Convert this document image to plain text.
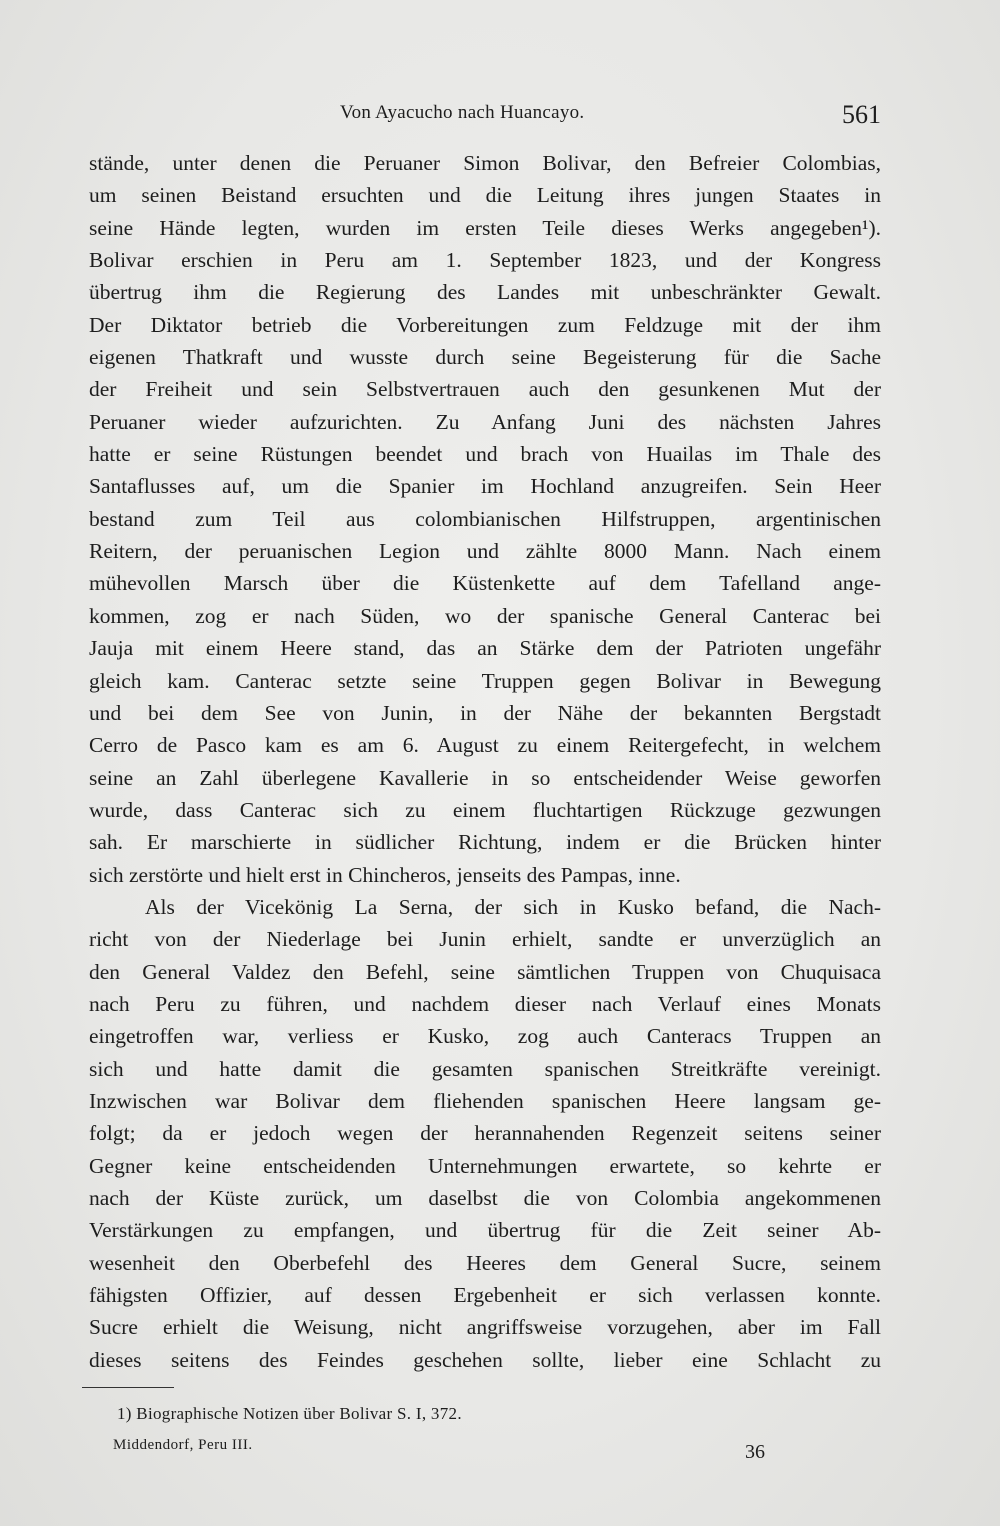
Von Ayacucho nach Huancayo.	561
stände, unter denen die Peruaner Simon Bolivar, den Befreier Colombias,
um seinen Beistand ersuchten und die Leitung ihres jungen Staates in
seine Hände legten, wurden im ersten Teile dieses Werks angegeben¹).
Bolivar erschien in Peru am 1. September 1823, und der Kongress
übertrug ihm die Regierung des Landes mit unbeschränkter Gewalt.
Der Diktator betrieb die Vorbereitungen zum Feldzuge mit der ihm
eigenen Thatkraft und wusste durch seine Begeisterung für die Sache
der Freiheit und sein Selbstvertrauen auch den gesunkenen Mut der
Peruaner wieder aufzurichten. Zu Anfang Juni des nächsten Jahres
hatte er seine Rüstungen beendet und brach von Huailas im Thale des
Santaflusses auf, um die Spanier im Hochland anzugreifen. Sein Heer
bestand zum Teil aus colombianischen Hilfstruppen, argentinischen
Reitern, der peruanischen Legion und zählte 8000 Mann. Nach einem
mühevollen Marsch über die Küstenkette auf dem Tafelland ange-
kommen, zog er nach Süden, wo der spanische General Canterac bei
Jauja mit einem Heere stand, das an Stärke dem der Patrioten ungefähr
gleich kam. Canterac setzte seine Truppen gegen Bolivar in Bewegung
und bei dem See von Junin, in der Nähe der bekannten Bergstadt
Cerro de Pasco kam es am 6. August zu einem Reitergefecht, in welchem
seine an Zahl überlegene Kavallerie in so entscheidender Weise geworfen
wurde, dass Canterac sich zu einem fluchtartigen Rückzuge gezwungen
sah. Er marschierte in südlicher Richtung, indem er die Brücken hinter
sich zerstörte und hielt erst in Chincheros, jenseits des Pampas, inne.
Als der Vicekönig La Serna, der sich in Kusko befand, die Nach-
richt von der Niederlage bei Junin erhielt, sandte er unverzüglich an
den General Valdez den Befehl, seine sämtlichen Truppen von Chuquisaca
nach Peru zu führen, und nachdem dieser nach Verlauf eines Monats
eingetroffen war, verliess er Kusko, zog auch Canteracs Truppen an
sich und hatte damit die gesamten spanischen Streitkräfte vereinigt.
Inzwischen war Bolivar dem fliehenden spanischen Heere langsam ge-
folgt; da er jedoch wegen der herannahenden Regenzeit seitens seiner
Gegner keine entscheidenden Unternehmungen erwartete, so kehrte er
nach der Küste zurück, um daselbst die von Colombia angekommenen
Verstärkungen zu empfangen, und übertrug für die Zeit seiner Ab-
wesenheit den Oberbefehl des Heeres dem General Sucre, seinem
fähigsten Offizier, auf dessen Ergebenheit er sich verlassen konnte.
Sucre erhielt die Weisung, nicht angriffsweise vorzugehen, aber im Fall
dieses seitens des Feindes geschehen sollte, lieber eine Schlacht zu
1) Biographische Notizen über Bolivar S. I, 372.
Middendorf, Peru III.	36
